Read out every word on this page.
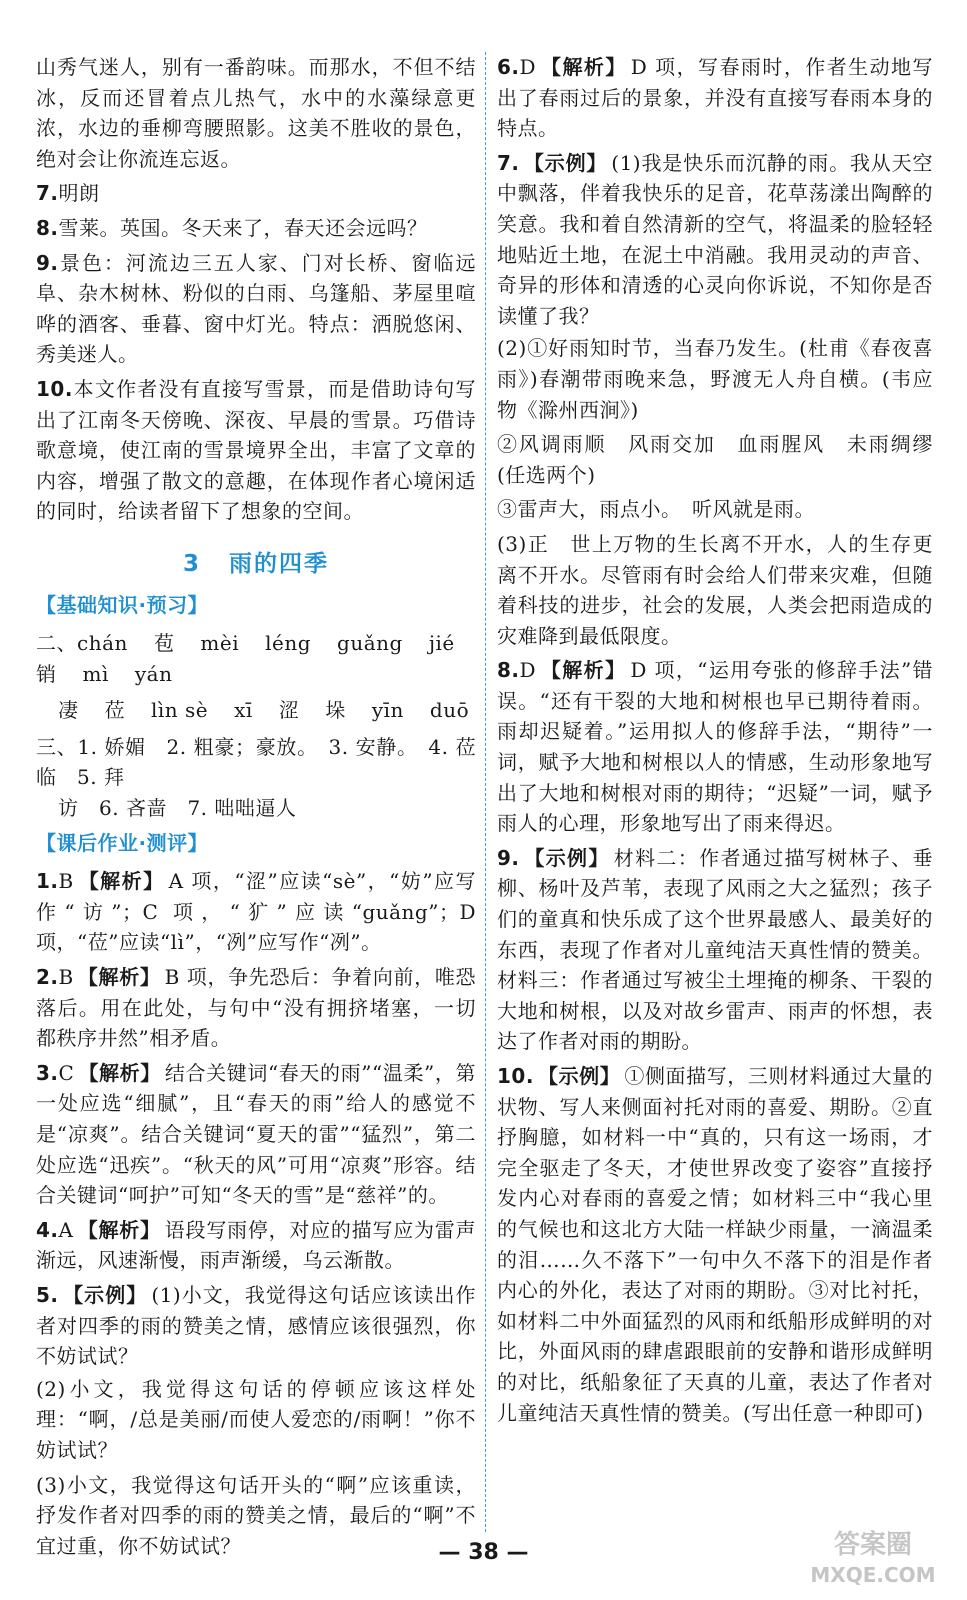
山秀气迷人，别有一番韵味。而那水，不但不结冰，反而还冒着点儿热气，水中的水藻绿意更浓，水边的垂柳弯腰照影。这美不胜收的景色，绝对会让你流连忘返。

7.明朗

8.雪莱。英国。冬天来了，春天还会远吗？

9.景色：河流边三五人家、门对长桥、窗临远阜、杂木树林、粉似的白雨、乌篷船、茅屋里喧哗的酒客、垂暮、窗中灯光。特点：洒脱悠闲、秀美迷人。

10.本文作者没有直接写雪景，而是借助诗句写出了江南冬天傍晚、深夜、早晨的雪景。巧借诗歌意境，使江南的雪景境界全出，丰富了文章的内容，增强了散文的意趣，在体现作者心境闲适的同时，给读者留下了想象的空间。

3 雨的四季
【基础知识·预习】
二、chán 苞 mèi léng guǎng jié
销 mì yán
凄 莅 lìn sè xī 涩 垛 yīn duō

三、1. 娇媚　2. 粗豪；豪放。　3. 安静。　4. 莅临　5. 拜

访　6. 吝啬　7. 咄咄逼人

【课后作业·测评】

1.B 【解析】 A 项，“涩”应读“sè”，“妨”应写作“访”；C 项，“犷”应读“guǎng”；D 项，“莅”应读“lì”，“冽”应写作“冽”。

2.B 【解析】 B 项，争先恐后：争着向前，唯恐落后。用在此处，与句中“没有拥挤堵塞，一切都秩序井然”相矛盾。

3.C 【解析】 结合关键词“春天的雨”“温柔”，第一处应选“细腻”，且“春天的雨”给人的感觉不是“凉爽”。结合关键词“夏天的雷”“猛烈”，第二处应选“迅疾”。“秋天的风”可用“凉爽”形容。结合关键词“呵护”可知“冬天的雪”是“慈祥”的。

4.A 【解析】 语段写雨停，对应的描写应为雷声渐远，风速渐慢，雨声渐缓，乌云渐散。

5. 【示例】 (1)小文，我觉得这句话应该读出作者对四季的雨的赞美之情，感情应该很强烈，你不妨试试？

(2)小文，我觉得这句话的停顿应该这样处理：“啊，/总是美丽/而使人爱恋的/雨啊！”你不妨试试？

(3)小文，我觉得这句话开头的“啊”应该重读，抒发作者对四季的雨的赞美之情，最后的“啊”不宜过重，你不妨试试？

6.D 【解析】 D 项，写春雨时，作者生动地写出了春雨过后的景象，并没有直接写春雨本身的特点。

7. 【示例】 (1)我是快乐而沉静的雨。我从天空中飘落，伴着我快乐的足音，花草荡漾出陶醉的笑意。我和着自然清新的空气，将温柔的脸轻轻地贴近土地，在泥土中消融。我用灵动的声音、奇异的形体和清透的心灵向你诉说，不知你是否读懂了我？

(2)①好雨知时节，当春乃发生。(杜甫《春夜喜雨》)春潮带雨晚来急，野渡无人舟自横。(韦应物《滁州西涧》)

②风调雨顺　风雨交加　血雨腥风　未雨绸缪(任选两个)

③雷声大，雨点小。　听风就是雨。

(3)正　世上万物的生长离不开水，人的生存更离不开水。尽管雨有时会给人们带来灾难，但随着科技的进步，社会的发展，人类会把雨造成的灾难降到最低限度。

8.D 【解析】 D 项，“运用夸张的修辞手法”错误。“还有干裂的大地和树根也早已期待着雨。雨却迟疑着。”运用拟人的修辞手法，“期待”一词，赋予大地和树根以人的情感，生动形象地写出了大地和树根对雨的期待；“迟疑”一词，赋予雨人的心理，形象地写出了雨来得迟。

9. 【示例】 材料二：作者通过描写树林子、垂柳、杨叶及芦苇，表现了风雨之大之猛烈；孩子们的童真和快乐成了这个世界最感人、最美好的东西，表现了作者对儿童纯洁天真性情的赞美。材料三：作者通过写被尘土埋掩的柳条、干裂的大地和树根，以及对故乡雷声、雨声的怀想，表达了作者对雨的期盼。

10. 【示例】 ①侧面描写，三则材料通过大量的状物、写人来侧面衬托对雨的喜爱、期盼。②直抒胸臆，如材料一中“真的，只有这一场雨，才完全驱走了冬天，才使世界改变了姿容”直接抒发内心对春雨的喜爱之情；如材料三中“我心里的气候也和这北方大陆一样缺少雨量，一滴温柔的泪……久不落下”一句中久不落下的泪是作者内心的外化，表达了对雨的期盼。③对比衬托，如材料二中外面猛烈的风雨和纸船形成鲜明的对比，外面风雨的肆虐跟眼前的安静和谐形成鲜明的对比，纸船象征了天真的儿童，表达了作者对儿童纯洁天真性情的赞美。(写出任意一种即可)

— 38 —	答案圈
MXQE.COM
